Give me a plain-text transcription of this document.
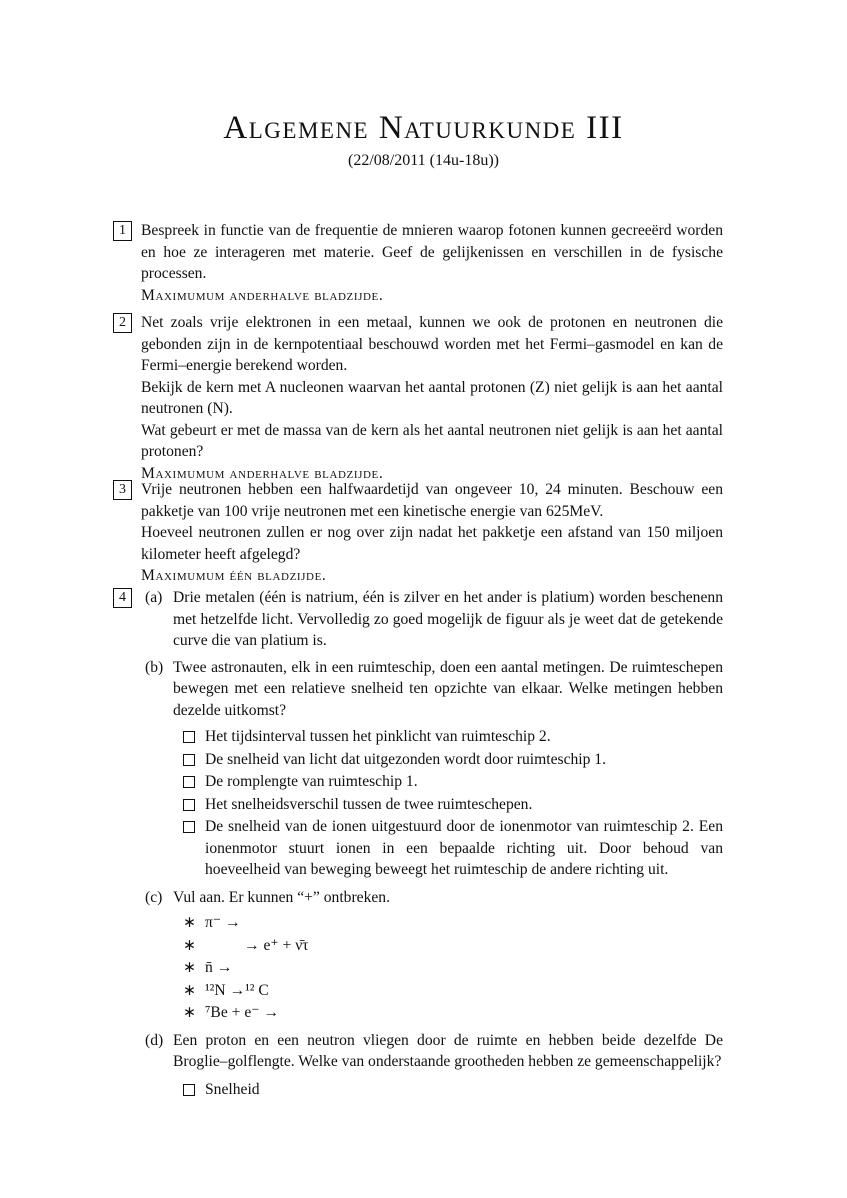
Algemene Natuurkunde III
(22/08/2011 (14u-18u))
1 Bespreek in functie van de frequentie de mnieren waarop fotonen kunnen gecreeërd worden en hoe ze interageren met materie. Geef de gelijkenissen en verschillen in de fysische processen.

Maximumum anderhalve bladzijde.

2 Net zoals vrije elektronen in een metaal, kunnen we ook de protonen en neutronen die gebonden zijn in de kernpotentiaal beschouwd worden met het Fermi–gasmodel en kan de Fermi–energie berekend worden.

Bekijk de kern met A nucleonen waarvan het aantal protonen (Z) niet gelijk is aan het aantal neutronen (N).

Wat gebeurt er met de massa van de kern als het aantal neutronen niet gelijk is aan het aantal protonen?

Maximumum anderhalve bladzijde.

3 Vrije neutronen hebben een halfwaardetijd van ongeveer 10, 24 minuten. Beschouw een pakketje van 100 vrije neutronen met een kinetische energie van 625MeV.

Hoeveel neutronen zullen er nog over zijn nadat het pakketje een afstand van 150 miljoen kilometer heeft afgelegd?

Maximumum één bladzijde.

4	(a) Drie metalen (één is natrium, één is zilver en het ander is platium) worden beschenenn met hetzelfde licht. Vervolledig zo goed mogelijk de figuur als je weet dat de getekende curve die van platium is.

(b) Twee astronauten, elk in een ruimteschip, doen een aantal metingen. De ruimteschepen bewegen met een relatieve snelheid ten opzichte van elkaar. Welke metingen hebben dezelde uitkomst?

Het tijdsinterval tussen het pinklicht van ruimteschip 2.
De snelheid van licht dat uitgezonden wordt door ruimteschip 1.
De romplengte van ruimteschip 1.
Het snelheidsverschil tussen de twee ruimteschepen.
De snelheid van de ionen uitgestuurd door de ionenmotor van ruimteschip 2. Een ionenmotor stuurt ionen in een bepaalde richting uit. Door behoud van hoeveelheid van beweging beweegt het ruimteschip de andere richting uit.
(c) Vul aan. Er kunnen “+” ontbreken.

∗ π⁻ →
∗ → e⁺ + ν̄τ
∗ n̄ →
∗ ¹²N →¹² C
∗ ⁷Be + e⁻ →
(d) Een proton en een neutron vliegen door de ruimte en hebben beide dezelfde De Broglie–golflengte. Welke van onderstaande grootheden hebben ze gemeenschappelijk?

Snelheid
